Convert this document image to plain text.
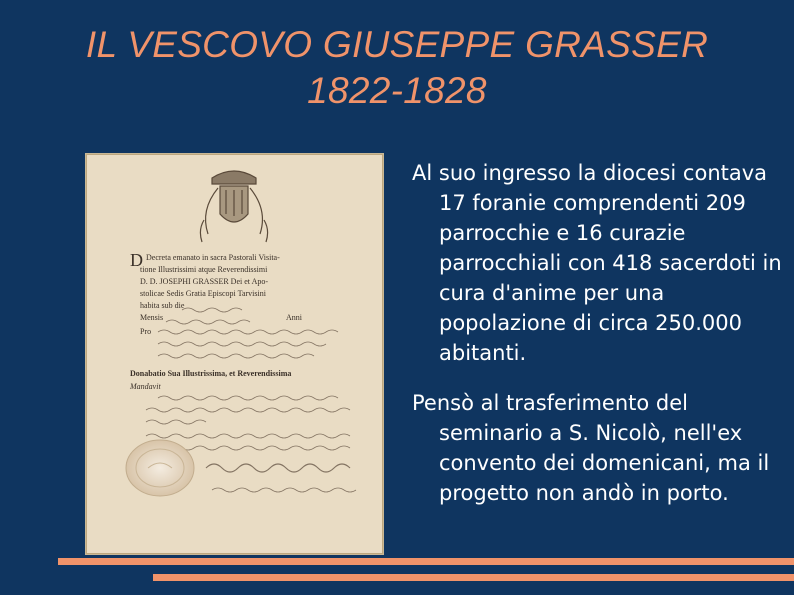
IL VESCOVO GIUSEPPE GRASSER
1822-1828
D Decreta emanato in sacra Pastorali Visita-
tione Illustrissimi atque Reverendissimi
D. D. JOSEPHI GRASSER Dei et Apo-
stolicae Sedis Gratia Episcopi Tarvisini
habita sub die
Mensis	Anni
Pro
Donabatio Sua Illustrissima, et Reverendissima
Mandavit

Al suo ingresso la diocesi contava 17 foranie comprendenti 209 parrocchie e 16 curazie parrocchiali con 418 sacerdoti in cura d'anime per una popolazione di circa 250.000 abitanti.

Pensò al trasferimento del seminario a S. Nicolò, nell'ex convento dei domenicani, ma il progetto non andò in porto.
